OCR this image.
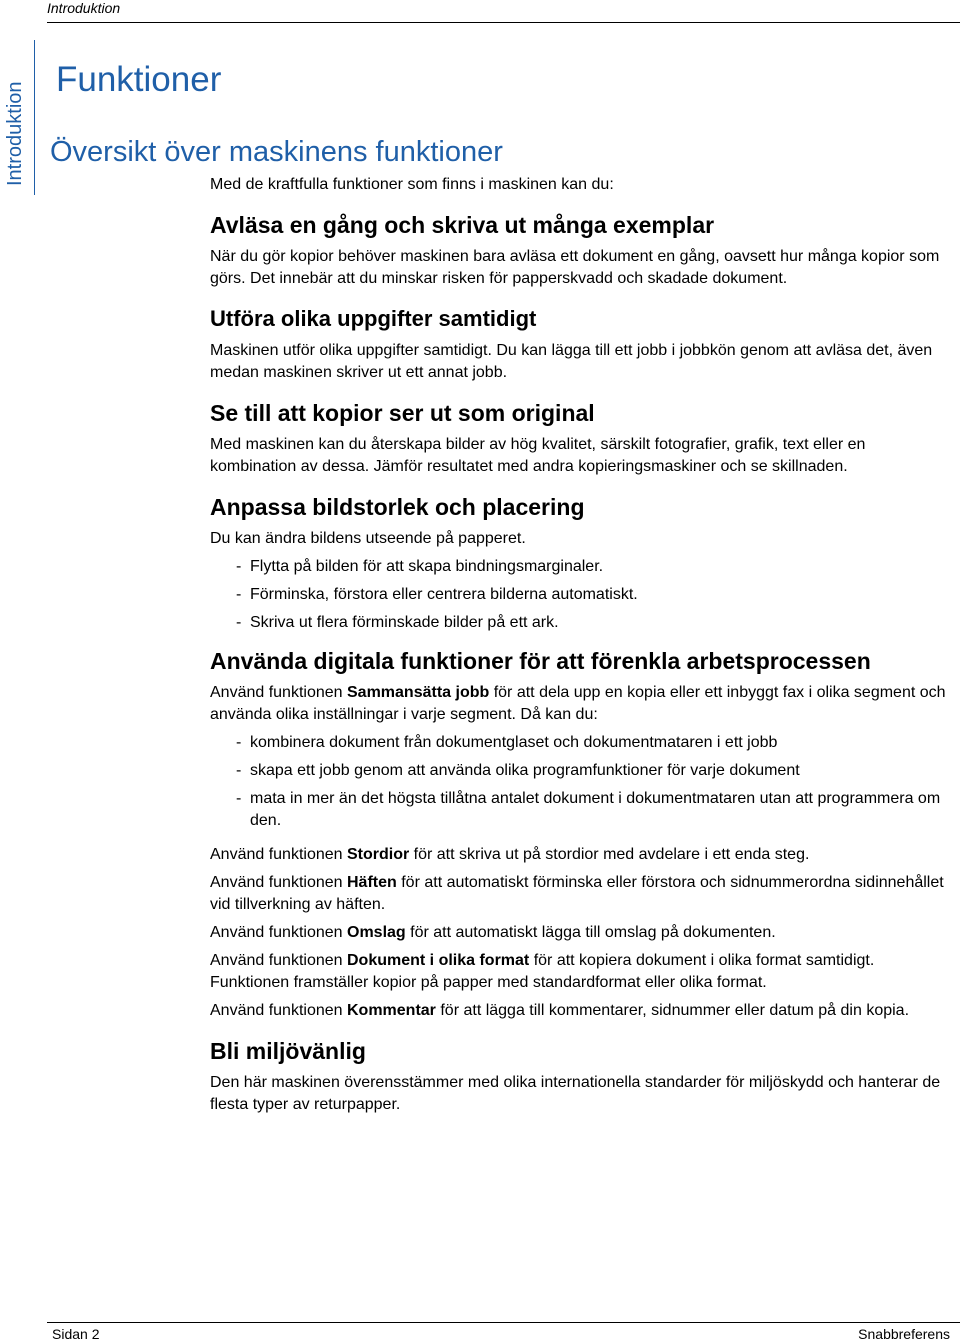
Introduktion
Introduktion
Funktioner
Översikt över maskinens funktioner
Med de kraftfulla funktioner som finns i maskinen kan du:
Avläsa en gång och skriva ut många exemplar

När du gör kopior behöver maskinen bara avläsa ett dokument en gång, oavsett hur många kopior som görs. Det innebär att du minskar risken för papperskvadd och skadade dokument.

Utföra olika uppgifter samtidigt

Maskinen utför olika uppgifter samtidigt. Du kan lägga till ett jobb i jobbkön genom att avläsa det, även medan maskinen skriver ut ett annat jobb.

Se till att kopior ser ut som original

Med maskinen kan du återskapa bilder av hög kvalitet, särskilt fotografier, grafik, text eller en kombination av dessa. Jämför resultatet med andra kopieringsmaskiner och se skillnaden.

Anpassa bildstorlek och placering

Du kan ändra bildens utseende på papperet.

- Flytta på bilden för att skapa bindningsmarginaler.
- Förminska, förstora eller centrera bilderna automatiskt.
- Skriva ut flera förminskade bilder på ett ark.
Använda digitala funktioner för att förenkla arbetsprocessen

Använd funktionen Sammansätta jobb för att dela upp en kopia eller ett inbyggt fax i olika segment och använda olika inställningar i varje segment. Då kan du:

- kombinera dokument från dokumentglaset och dokumentmataren i ett jobb
- skapa ett jobb genom att använda olika programfunktioner för varje dokument
- mata in mer än det högsta tillåtna antalet dokument i dokumentmataren utan att programmera om den.

Använd funktionen Stordior för att skriva ut på stordior med avdelare i ett enda steg.

Använd funktionen Häften för att automatiskt förminska eller förstora och sidnummerordna sidinnehållet vid tillverkning av häften.

Använd funktionen Omslag för att automatiskt lägga till omslag på dokumenten.

Använd funktionen Dokument i olika format för att kopiera dokument i olika format samtidigt. Funktionen framställer kopior på papper med standardformat eller olika format.

Använd funktionen Kommentar för att lägga till kommentarer, sidnummer eller datum på din kopia.

Bli miljövänlig

Den här maskinen överensstämmer med olika internationella standarder för miljöskydd och hanterar de flesta typer av returpapper.

Sidan 2	Snabbreferens
